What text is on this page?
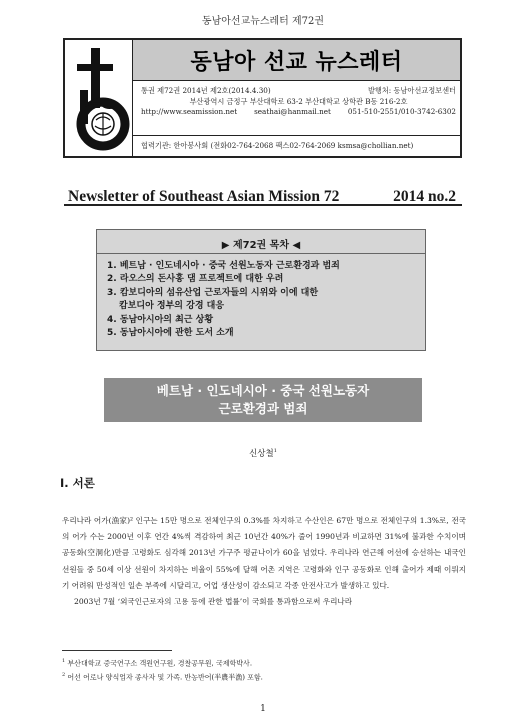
동남아선교뉴스레터 제72권
동남아 선교 뉴스레터
통권 제72권 2014년 제2호(2014.4.30)	발행처: 동남아선교정보센터
부산광역시 금정구 부산대학로 63-2 부산대학교 상학관 B동 216-2호
http://www.seamission.net seathai@hanmail.net 051-510-2551/010-3742-6302
협력기관: 한아봉사회 (전화02-764-2068 팩스02-764-2069 ksmsa@chollian.net)
Newsletter of Southeast Asian Mission 72	2014 no.2
▶ 제72권 목차 ◀
1. 베트남 · 인도네시아 · 중국 선원노동자 근로환경과 범죄
2. 라오스의 돈사홍 댐 프로젝트에 대한 우려
3. 캄보디아의 섬유산업 근로자들의 시위와 이에 대한
캄보디아 정부의 강경 대응
4. 동남아시아의 최근 상황
5. 동남아시아에 관한 도서 소개
베트남 · 인도네시아 · 중국 선원노동자
근로환경과 범죄
신상철$^1$
Ⅰ. 서론

우리나라 어가(漁家)² 인구는 15만 명으로 전체인구의 0.3%를 차지하고 수산인은 67만 명으로 전체인구의 1.3%로, 전국의 어가 수는 2000년 이후 연간 4%씩 격감하여 최근 10년간 40%가 줄어 1990년과 비교하면 31%에 불과한 수치이며 공동화(空洞化)만큼 고령화도 심각해 2013년 가구주 평균나이가 60을 넘었다. 우리나라 연근해 어선에 승선하는 내국인 선원들 중 50세 이상 선원이 차지하는 비율이 55%에 달해 어촌 지역은 고령화와 인구 공동화로 인해 출어가 제때 이뤄지기 어려워 만성적인 일손 부족에 시달리고, 어업 생산성이 감소되고 각종 안전사고가 발생하고 있다.

2003년 7월 ‘외국인근로자의 고용 등에 관한 법률’이 국회를 통과함으로써 우리나라

$^1$ 부산대학교 중국연구소 객원연구원, 경찰공무원, 국제학박사.
$^2$ 어선 어로나 양식업자 종사자 및 가족. 반농반어(半農半漁) 포함.
1
